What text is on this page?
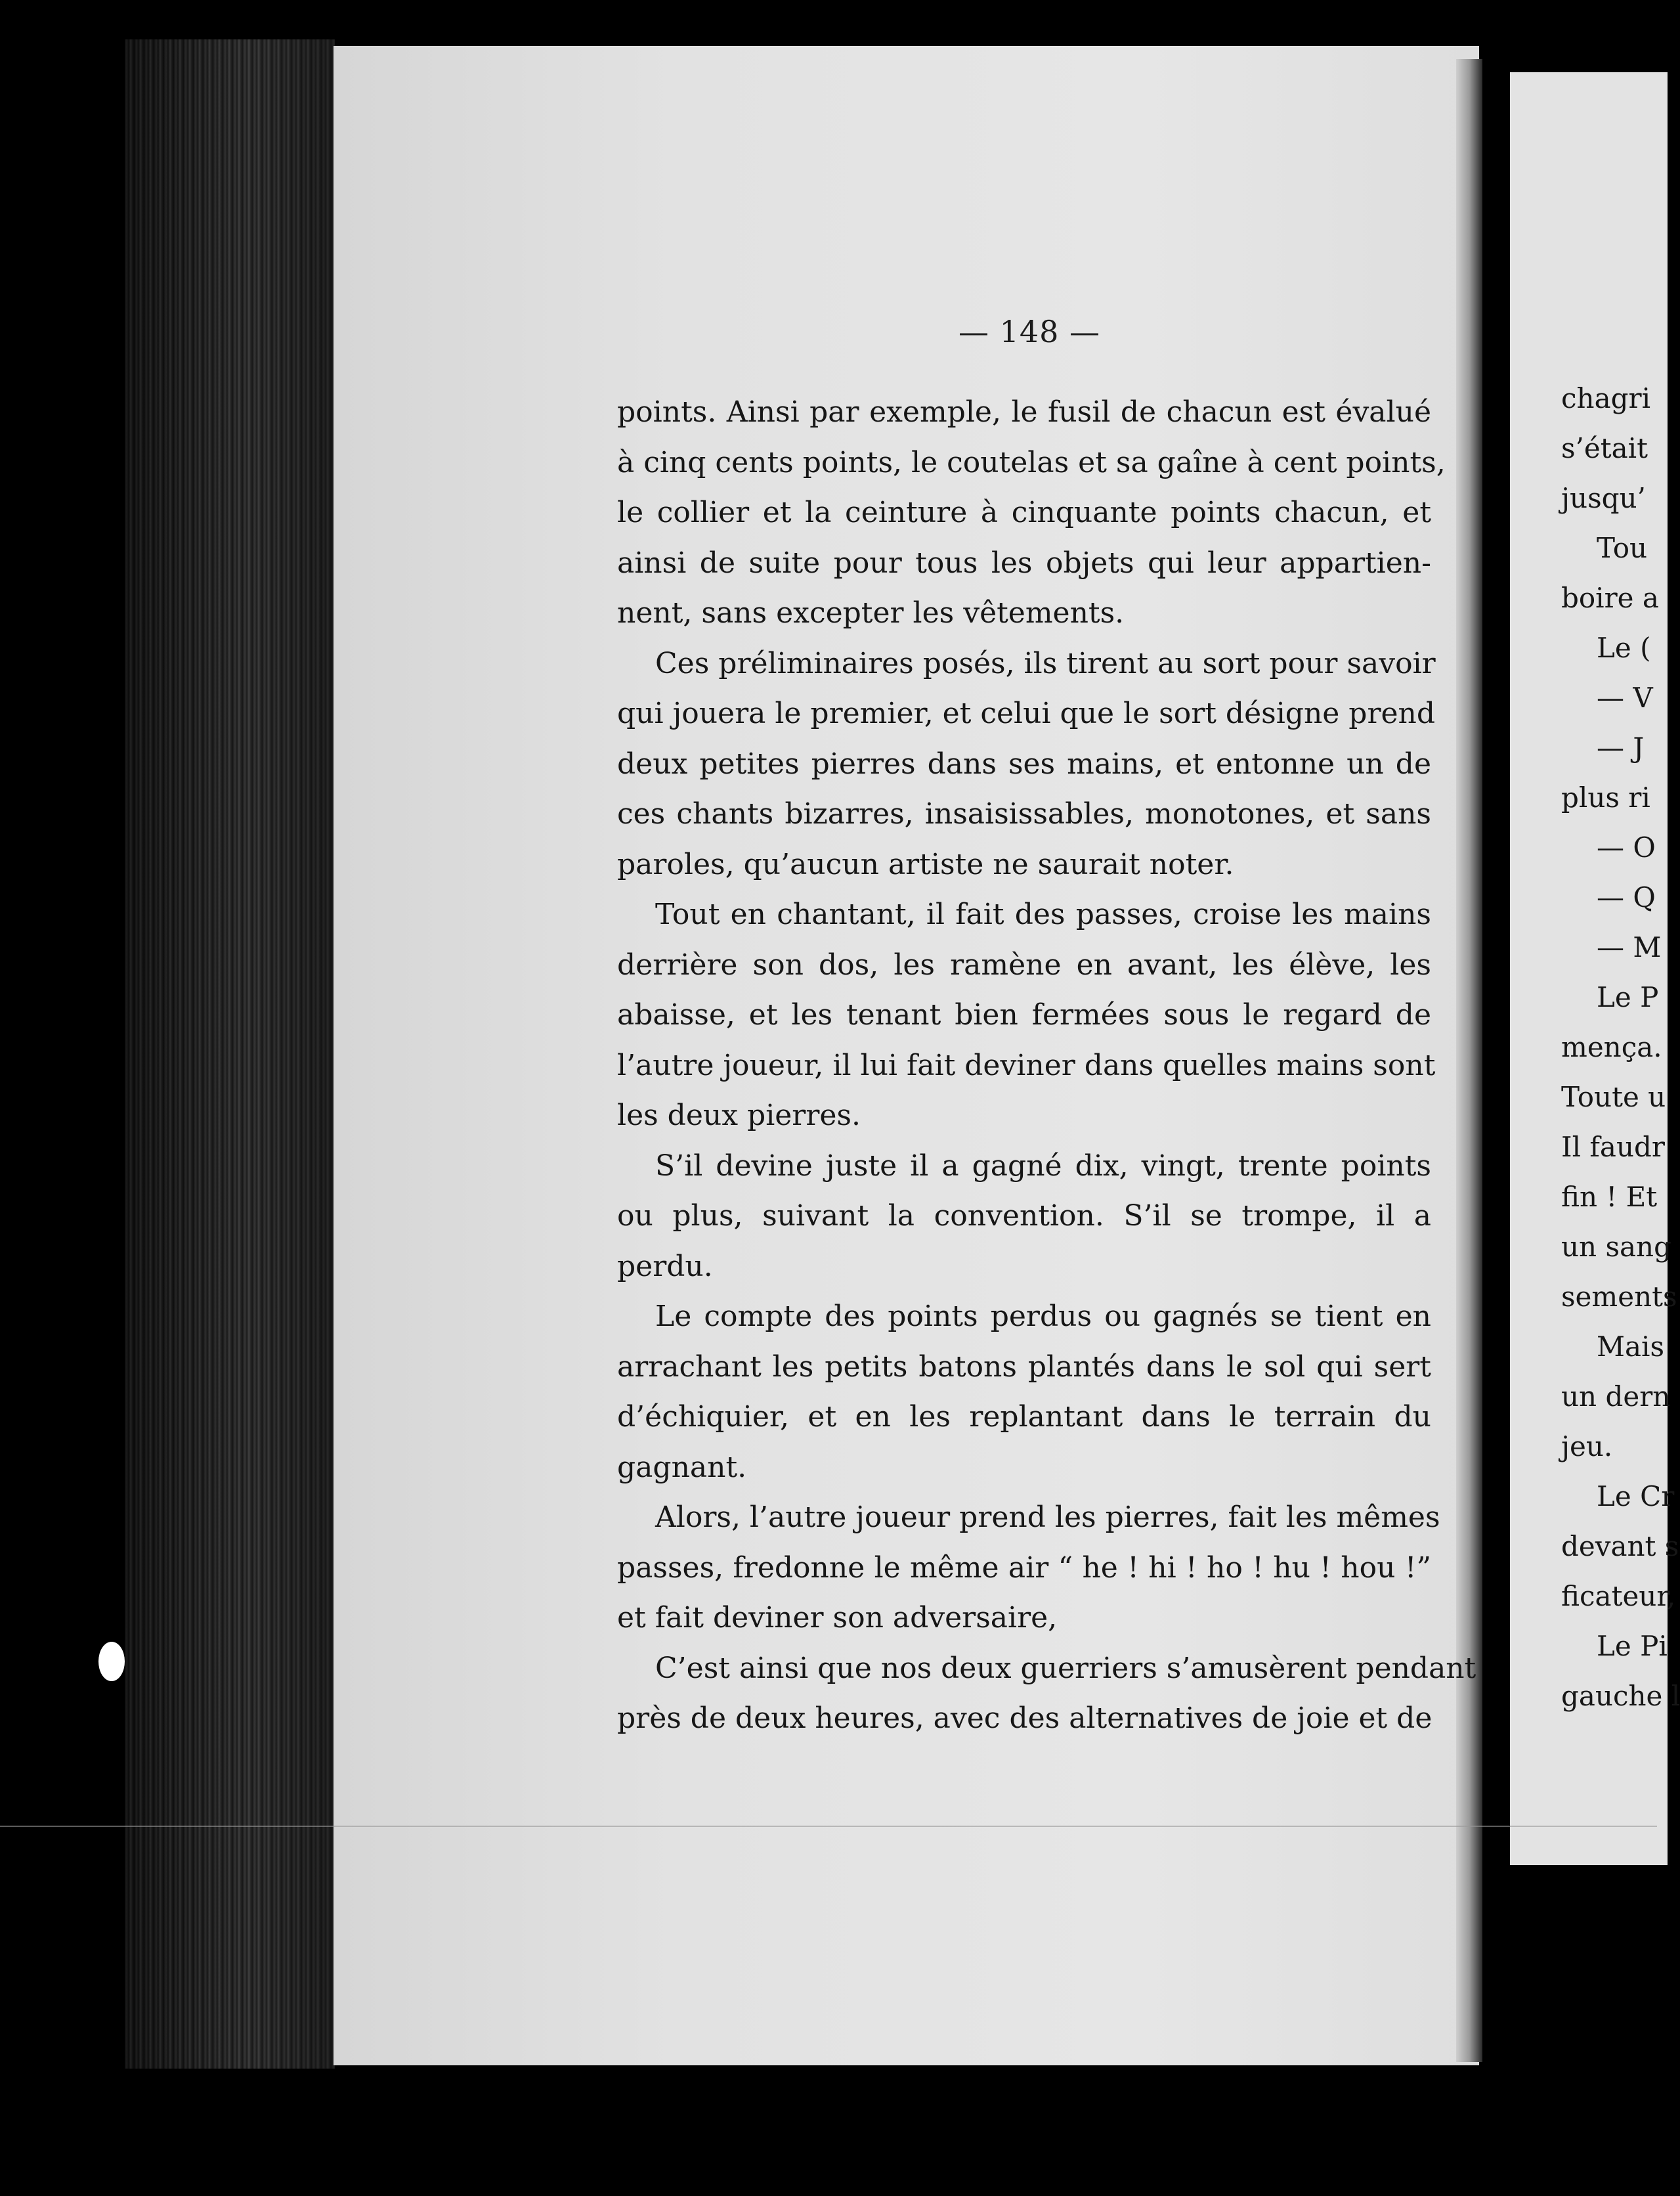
— 148 —
points. Ainsi par exemple, le fusil de chacun est évalué
à cinq cents points, le coutelas et sa gaîne à cent points,
le collier et la ceinture à cinquante points chacun, et
ainsi de suite pour tous les objets qui leur appartien-
nent, sans excepter les vêtements.
Ces préliminaires posés, ils tirent au sort pour savoir
qui jouera le premier, et celui que le sort désigne prend
deux petites pierres dans ses mains, et entonne un de
ces chants bizarres, insaisissables, monotones, et sans
paroles, qu’aucun artiste ne saurait noter.
Tout en chantant, il fait des passes, croise les mains
derrière son dos, les ramène en avant, les élève, les
abaisse, et les tenant bien fermées sous le regard de
l’autre joueur, il lui fait deviner dans quelles mains sont
les deux pierres.
S’il devine juste il a gagné dix, vingt, trente points
ou plus, suivant la convention. S’il se trompe, il a
perdu.
Le compte des points perdus ou gagnés se tient en
arrachant les petits batons plantés dans le sol qui sert
d’échiquier, et en les replantant dans le terrain du
gagnant.
Alors, l’autre joueur prend les pierres, fait les mêmes
passes, fredonne le même air “ he ! hi ! ho ! hu ! hou !”
et fait deviner son adversaire,
C’est ainsi que nos deux guerriers s’amusèrent pendant
près de deux heures, avec des alternatives de joie et de
chagri
s’était
jusqu’
Tou
boire a
Le (
— V
— J
plus ri
— O
— Q
— M
Le P
mença.
Toute u
Il faudr
fin ! Et
un sang
sements
Mais
un dern
jeu.
Le Cr
devant s
ficateur,
Le Pi
gauche l
